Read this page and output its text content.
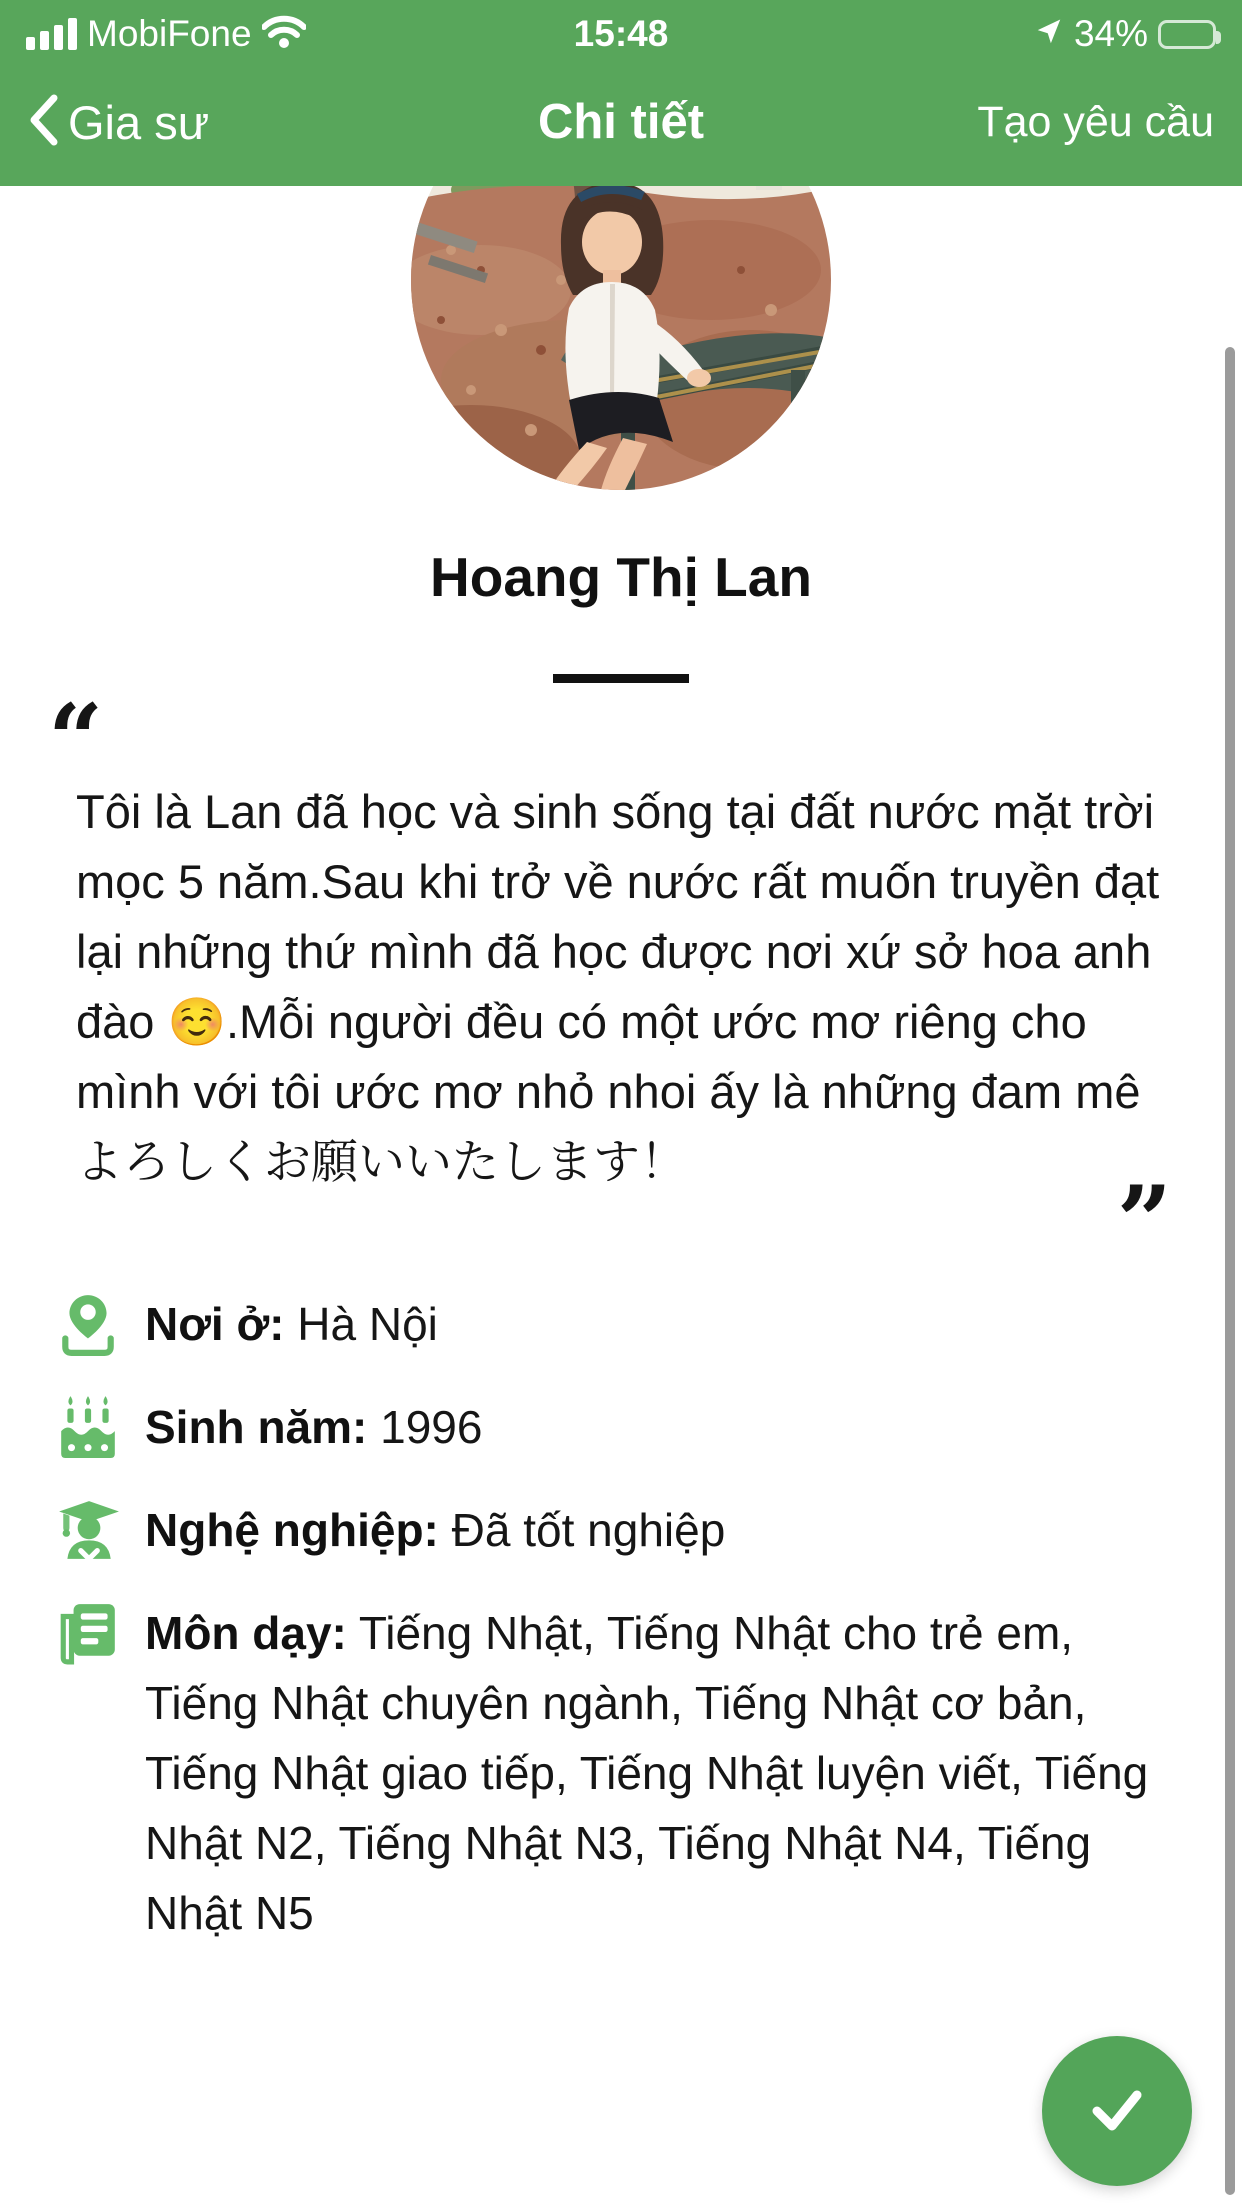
MobiFone	15:48	34%
Gia sư	Chi tiết	Tạo yêu cầu
Hoang Thị Lan
“
Tôi là Lan đã học và sinh sống tại đất nước mặt trời mọc 5 năm.Sau khi trở về nước rất muốn truyền đạt lại những thứ mình đã học được nơi xứ sở hoa anh đào ☺️.Mỗi người đều có một ước mơ riêng cho mình với tôi ước mơ nhỏ nhoi ấy là những đam mê よろしくお願いいたします！
”
Nơi ở: Hà Nội
Sinh năm: 1996
Nghệ nghiệp: Đã tốt nghiệp
Môn dạy: Tiếng Nhật, Tiếng Nhật cho trẻ em, Tiếng Nhật chuyên ngành, Tiếng Nhật cơ bản, Tiếng Nhật giao tiếp, Tiếng Nhật luyện viết, Tiếng Nhật N2, Tiếng Nhật N3, Tiếng Nhật N4, Tiếng Nhật N5
